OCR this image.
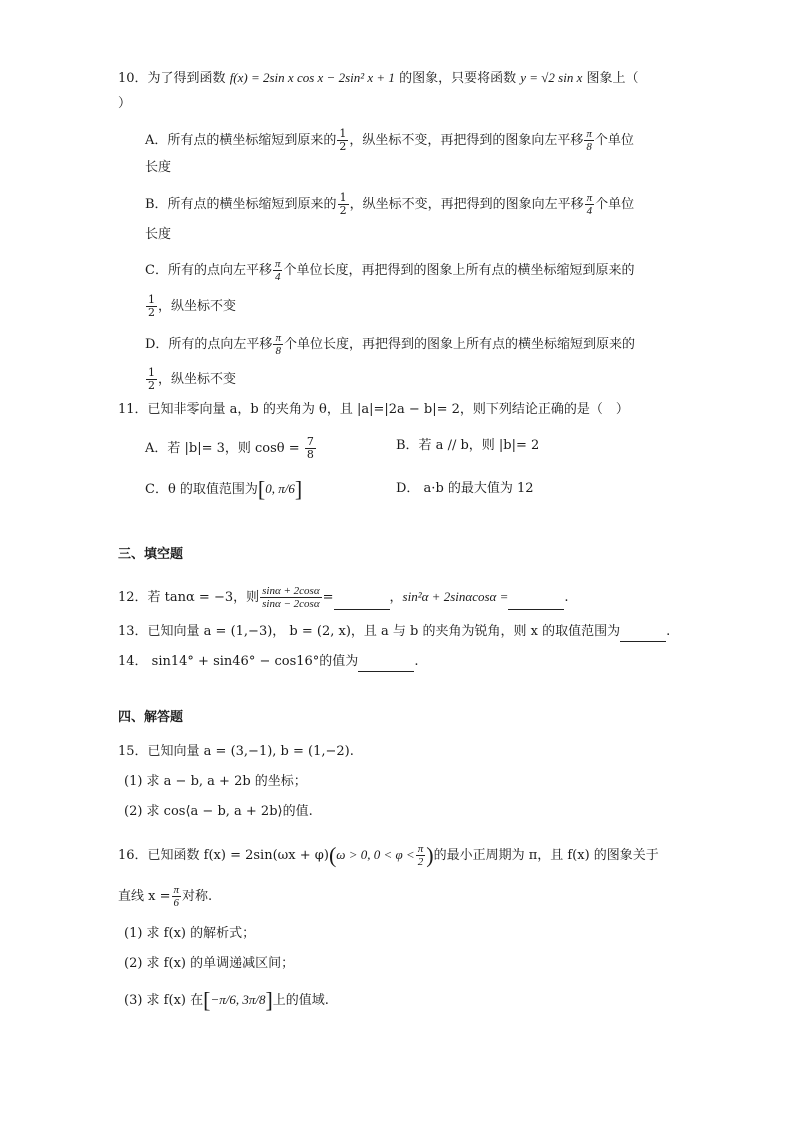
10．为了得到函数 f(x) = 2sin x cos x − 2sin² x + 1 的图象，只要将函数 y = √2 sin x 图象上（
）
A．所有点的横坐标缩短到原来的 $\frac{1}{2}$ ，纵坐标不变，再把得到的图象向左平移 $\frac{\pi}{8}$ 个单位
长度
B．所有点的横坐标缩短到原来的 $\frac{1}{2}$ ，纵坐标不变，再把得到的图象向左平移 $\frac{\pi}{4}$ 个单位
长度
C．所有的点向左平移 $\frac{\pi}{4}$ 个单位长度，再把得到的图象上所有点的横坐标缩短到原来的
$\frac{1}{2}$ ，纵坐标不变
D．所有的点向左平移 $\frac{\pi}{8}$ 个单位长度，再把得到的图象上所有点的横坐标缩短到原来的
$\frac{1}{2}$ ，纵坐标不变
11．已知非零向量 a，b 的夹角为 θ，且 |a|=|2a − b|= 2，则下列结论正确的是（　）
A．若 |b|= 3，则 $\cos\theta = \frac{7}{8}$	B．若 a // b，则 |b|= 2
C．θ 的取值范围为[0, π/6]	D． a·b 的最大值为 12
三、填空题
12．若 tanα = −3，则 $\frac{\sin\alpha + 2\cos\alpha}{\sin\alpha - 2\cos\alpha}$ =	，sin²α + 2sinαcosα =	.
13．已知向量 a = (1,−3)， b = (2, x)，且 a 与 b 的夹角为锐角，则 x 的取值范围为	.
14． sin14° + sin46° − cos16°的值为	.
四、解答题
15．已知向量 a = (3,−1), b = (1,−2).
(1) 求 a − b, a + 2b 的坐标；
(2) 求 cos⟨a − b, a + 2b⟩的值.
16．已知函数 f(x) = 2sin(ωx + φ)(ω > 0, $0 < \varphi < \frac{\pi}{2}$ )的最小正周期为 π，且 f(x) 的图象关于
直线 $x = \frac{\pi}{6}$ 对称.
(1) 求 f(x) 的解析式；
(2) 求 f(x) 的单调递减区间；
(3) 求 f(x) 在[−π/6, 3π/8]上的值域.
